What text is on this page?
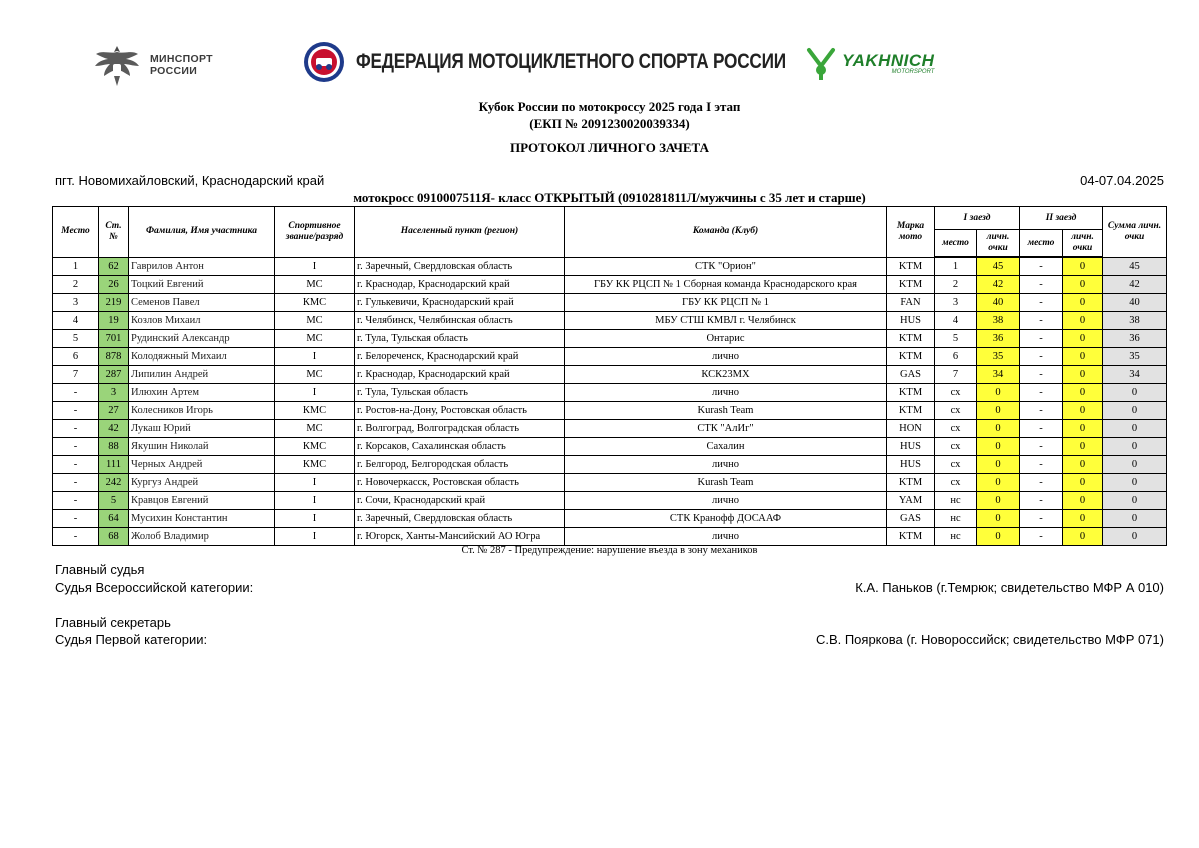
МИНСПОРТ
РОССИИ	ФЕДЕРАЦИЯ МОТОЦИКЛЕТНОГО СПОРТА РОССИИ	YAKHNICH
MOTORSPORT
Кубок России по мотокроссу 2025 года I этап
(ЕКП № 2091230020039334)
ПРОТОКОЛ ЛИЧНОГО ЗАЧЕТА
пгт. Новомихайловский, Краснодарский край	04-07.04.2025
мотокросс 0910007511Я- класс ОТКРЫТЫЙ (0910281811Л/мужчины с 35 лет и старше)
Место	Ст. №	Фамилия, Имя участника	Спортивное звание/разряд	Населенный пункт (регион)	Команда (Клуб)	Марка мото	I заезд		II заезд		Сумма личн. очки
							место	личн. очки	место	личн. очки	
1	62	Гаврилов Антон	I	г. Заречный, Свердловская область	СТК "Орион"	KTM	1	45	-	0	45
2	26	Тоцкий Евгений	МС	г. Краснодар, Краснодарский край	ГБУ КК РЦСП № 1 Сборная команда Краснодарского края	KTM	2	42	-	0	42
3	219	Семенов Павел	КМС	г. Гулькевичи, Краснодарский край	ГБУ КК РЦСП № 1	FAN	3	40	-	0	40
4	19	Козлов Михаил	МС	г. Челябинск, Челябинская область	МБУ СТШ КМВЛ г. Челябинск	HUS	4	38	-	0	38
5	701	Рудинский Александр	МС	г. Тула, Тульская область	Онтарис	KTM	5	36	-	0	36
6	878	Колодяжный Михаил	I	г. Белореченск, Краснодарский край	лично	KTM	6	35	-	0	35
7	287	Липилин Андрей	МС	г. Краснодар, Краснодарский край	КСК23МХ	GAS	7	34	-	0	34
-	3	Илюхин Артем	I	г. Тула, Тульская область	лично	KTM	сх	0	-	0	0
-	27	Колесников Игорь	КМС	г. Ростов-на-Дону, Ростовская область	Kurash Team	KTM	сх	0	-	0	0
-	42	Лукаш Юрий	МС	г. Волгоград, Волгоградская область	СТК "АлИг"	HON	сх	0	-	0	0
-	88	Якушин Николай	КМС	г. Корсаков, Сахалинская область	Сахалин	HUS	сх	0	-	0	0
-	111	Черных Андрей	КМС	г. Белгород, Белгородская область	лично	HUS	сх	0	-	0	0
-	242	Кургуз Андрей	I	г. Новочеркасск, Ростовская область	Kurash Team	KTM	сх	0	-	0	0
-	5	Кравцов Евгений	I	г. Сочи, Краснодарский край	лично	YAM	нс	0	-	0	0
-	64	Мусихин Константин	I	г. Заречный, Свердловская область	СТК Кранофф ДОСААФ	GAS	нс	0	-	0	0
-	68	Жолоб Владимир	I	г. Югорск, Ханты-Мансийский АО Югра	лично	KTM	нс	0	-	0	0
Ст. № 287 - Предупреждение: нарушение въезда в зону механиков
Главный судья
Судья Всероссийской категории:	К.А. Паньков (г.Темрюк; свидетельство МФР А 010)
Главный секретарь
Судья Первой категории:	С.В. Пояркова (г. Новороссийск; свидетельство МФР 071)
